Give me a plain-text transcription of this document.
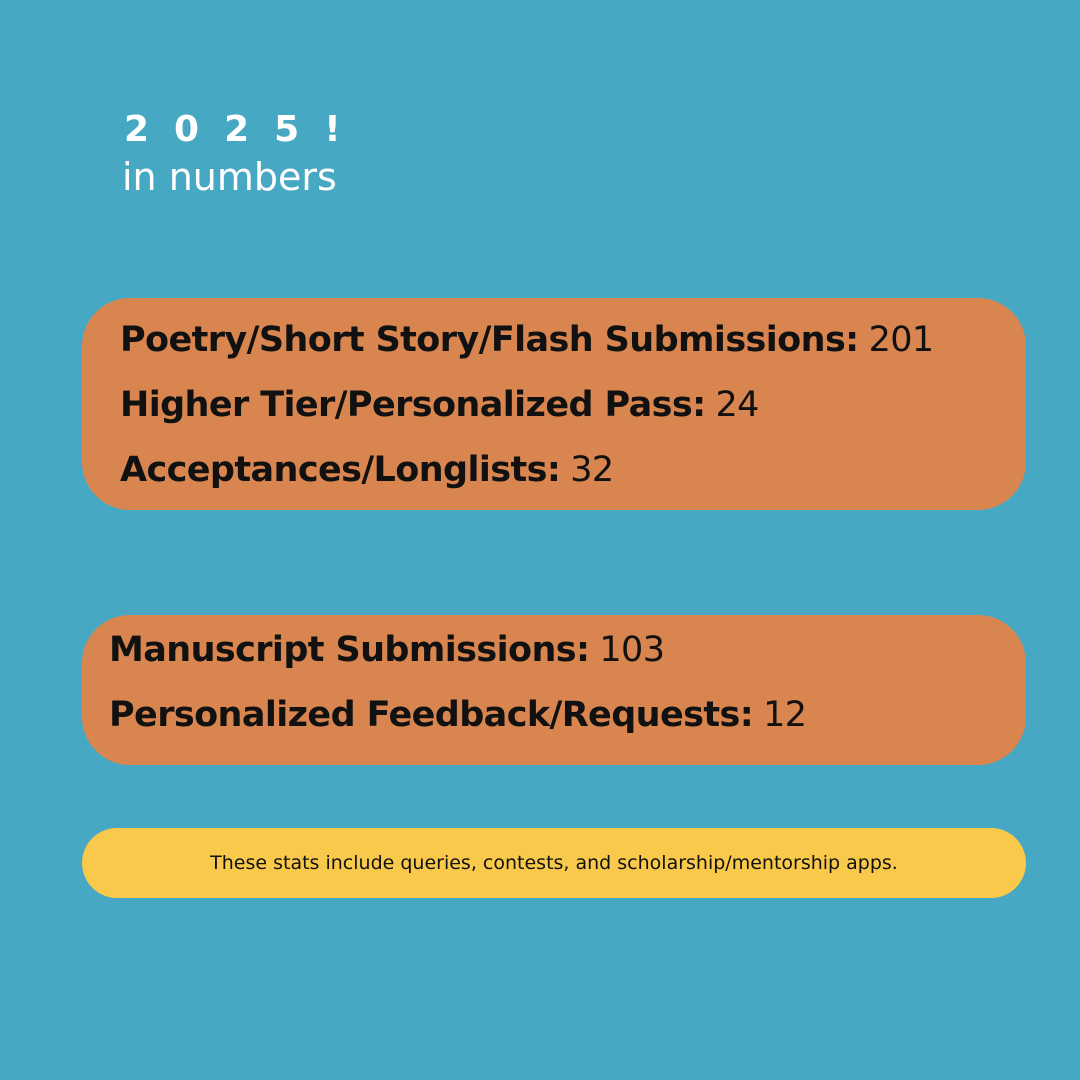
2025!
in numbers

Poetry/Short Story/Flash Submissions: 201

Higher Tier/Personalized Pass: 24

Acceptances/Longlists: 32

Manuscript Submissions: 103

Personalized Feedback/Requests: 12

These stats include queries, contests, and scholarship/mentorship apps.
